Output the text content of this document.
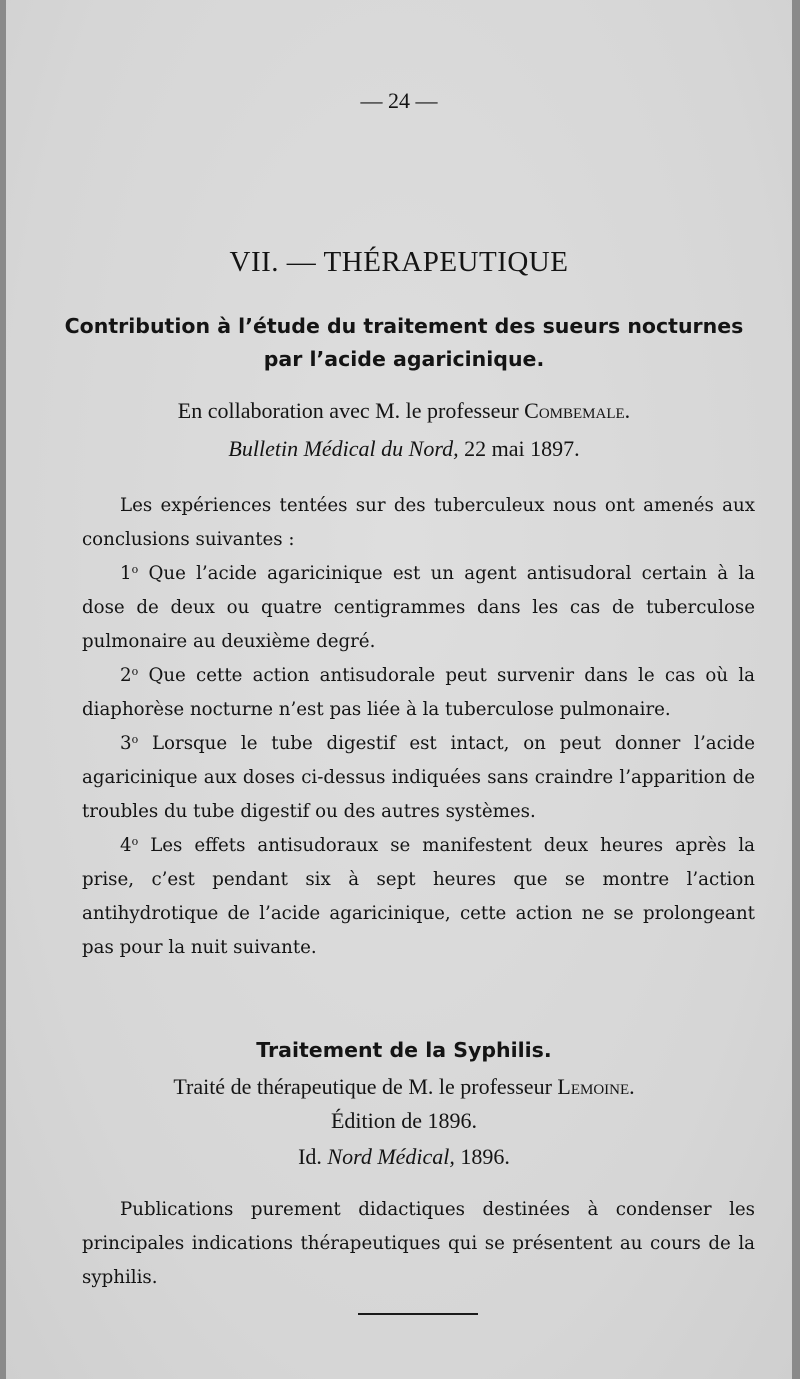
— 24 —
VII. — THÉRAPEUTIQUE
Contribution à l’étude du traitement des sueurs nocturnes
par l’acide agaricinique.
En collaboration avec M. le professeur Combemale.
Bulletin Médical du Nord, 22 mai 1897.

Les expériences tentées sur des tuberculeux nous ont amenés aux conclusions suivantes :

1$^o$ Que l’acide agaricinique est un agent antisudoral certain à la dose de deux ou quatre centigrammes dans les cas de tuberculose pulmonaire au deuxième degré.

2$^o$ Que cette action antisudorale peut survenir dans le cas où la diaphorèse nocturne n’est pas liée à la tuberculose pulmonaire.

3$^o$ Lorsque le tube digestif est intact, on peut donner l’acide agaricinique aux doses ci-dessus indiquées sans craindre l’apparition de troubles du tube digestif ou des autres systèmes.

4$^o$ Les effets antisudoraux se manifestent deux heures après la prise, c’est pendant six à sept heures que se montre l’action antihydrotique de l’acide agaricinique, cette action ne se prolongeant pas pour la nuit suivante.

Traitement de la Syphilis.
Traité de thérapeutique de M. le professeur Lemoine.
Édition de 1896.
Id. Nord Médical, 1896.

Publications purement didactiques destinées à condenser les principales indications thérapeutiques qui se présentent au cours de la syphilis.
